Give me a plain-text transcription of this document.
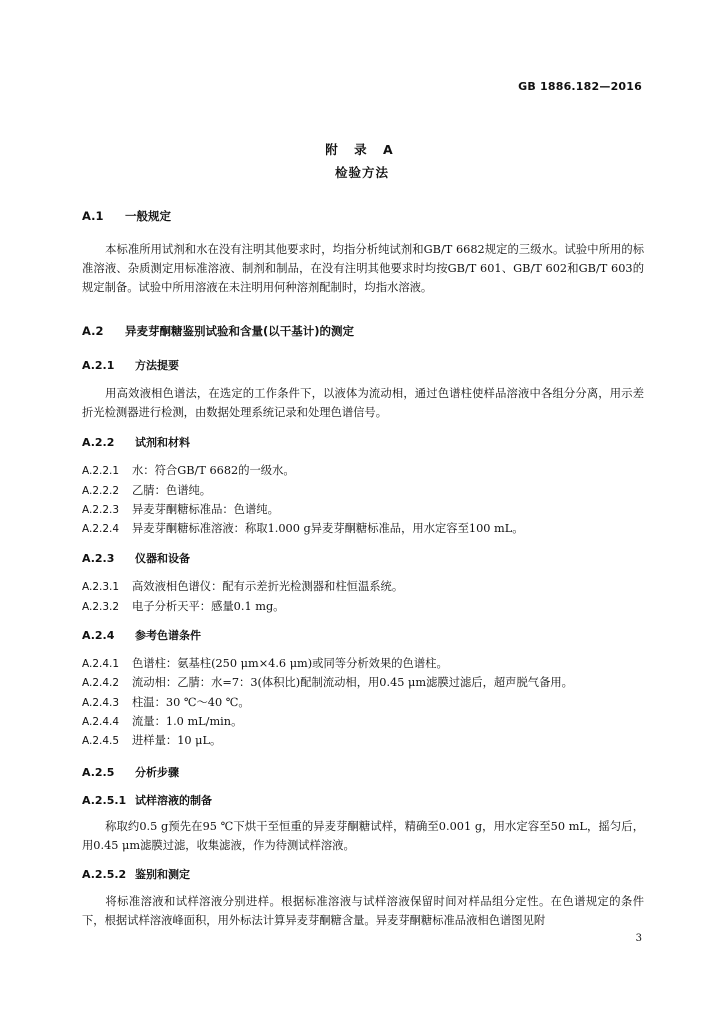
GB 1886.182—2016
附 录 A
检验方法
A.1 一般规定
本标准所用试剂和水在没有注明其他要求时，均指分析纯试剂和GB/T 6682规定的三级水。试验中所用的标准溶液、杂质测定用标准溶液、制剂和制品，在没有注明其他要求时均按GB/T 601、GB/T 602和GB/T 603的规定制备。试验中所用溶液在未注明用何种溶剂配制时，均指水溶液。
A.2 异麦芽酮糖鉴别试验和含量(以干基计)的测定
A.2.1 方法提要
用高效液相色谱法，在选定的工作条件下，以液体为流动相，通过色谱柱使样品溶液中各组分分离，用示差折光检测器进行检测，由数据处理系统记录和处理色谱信号。
A.2.2 试剂和材料
A.2.2.1 水：符合GB/T 6682的一级水。
A.2.2.2 乙腈：色谱纯。
A.2.2.3 异麦芽酮糖标准品：色谱纯。
A.2.2.4 异麦芽酮糖标准溶液：称取1.000 g异麦芽酮糖标准品，用水定容至100 mL。
A.2.3 仪器和设备
A.2.3.1 高效液相色谱仪：配有示差折光检测器和柱恒温系统。
A.2.3.2 电子分析天平：感量0.1 mg。
A.2.4 参考色谱条件
A.2.4.1 色谱柱：氨基柱(250 μm×4.6 μm)或同等分析效果的色谱柱。
A.2.4.2 流动相：乙腈：水=7：3(体积比)配制流动相，用0.45 μm滤膜过滤后，超声脱气备用。
A.2.4.3 柱温：30 ℃～40 ℃。
A.2.4.4 流量：1.0 mL/min。
A.2.4.5 进样量：10 μL。
A.2.5 分析步骤
A.2.5.1 试样溶液的制备
称取约0.5 g预先在95 ℃下烘干至恒重的异麦芽酮糖试样，精确至0.001 g，用水定容至50 mL，摇匀后，用0.45 μm滤膜过滤，收集滤液，作为待测试样溶液。
A.2.5.2 鉴别和测定
将标准溶液和试样溶液分别进样。根据标准溶液与试样溶液保留时间对样品组分定性。在色谱规定的条件下，根据试样溶液峰面积，用外标法计算异麦芽酮糖含量。异麦芽酮糖标准品液相色谱图见附
3
